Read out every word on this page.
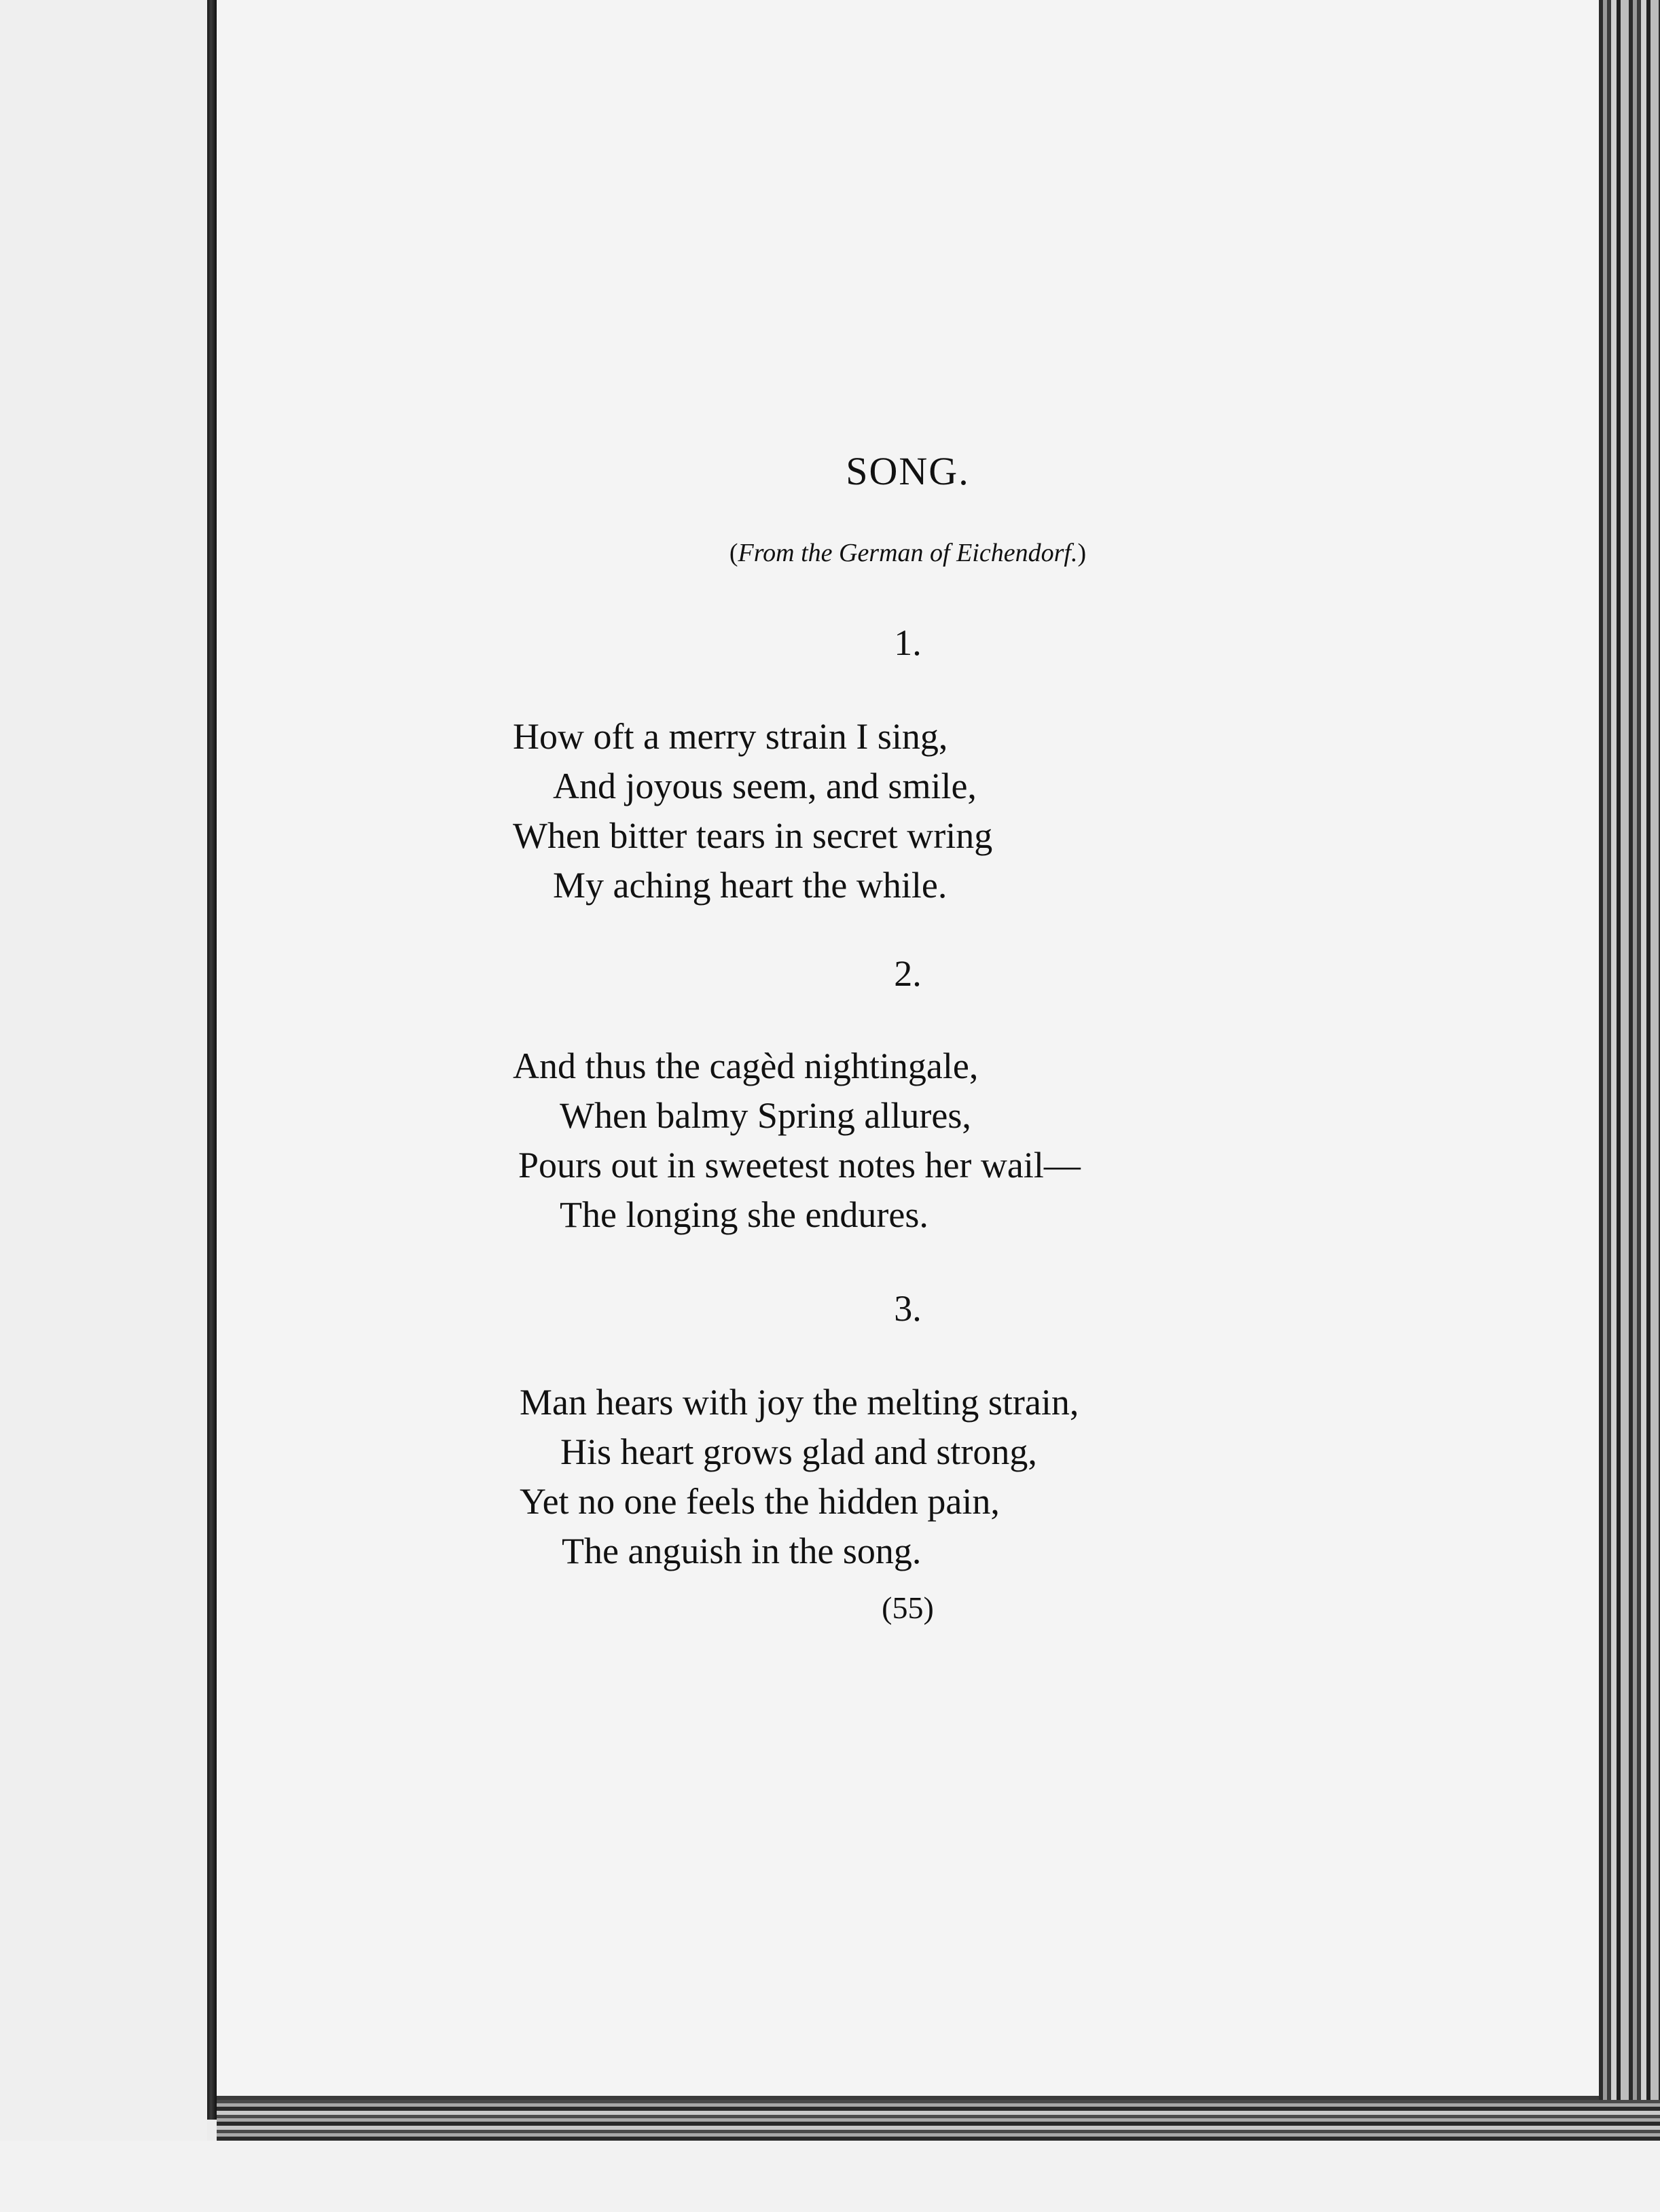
SONG.

(From the German of Eichendorf.)

1.

How oft a merry strain I sing,

And joyous seem, and smile,

When bitter tears in secret wring

My aching heart the while.

2.

And thus the cagèd nightingale,

When balmy Spring allures,

Pours out in sweetest notes her wail—

The longing she endures.

3.

Man hears with joy the melting strain,

His heart grows glad and strong,

Yet no one feels the hidden pain,

The anguish in the song.

(55)
